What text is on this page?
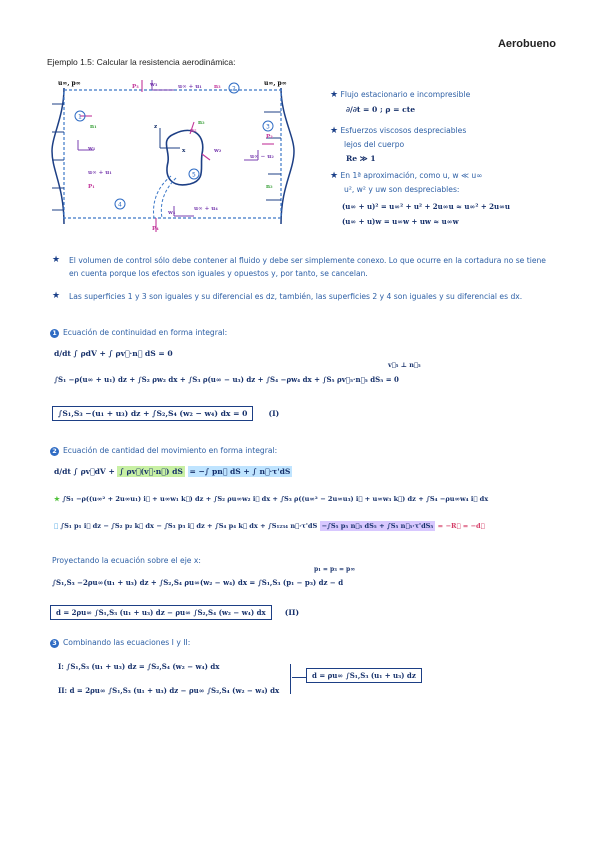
Aerobueno
Ejemplo 1.5: Calcular la resistencia aerodinámica:
u∞, p∞	u∞, p∞
P₃ w₃	u∞ + u₁ n₃
n₁
w₁
u∞ + u₁
P₁
n₂
P₂
u∞ − u₂
n₂
w₂
P₄
w₄
u∞ + u₄
z
x
n₅
1
2
3
4
5
★ Flujo estacionario e incompresible
∂/∂t = 0 ; ρ = cte
★ Esfuerzos viscosos despreciables
lejos del cuerpo
Re ≫ 1
★ En 1ª aproximación, como u, w ≪ u∞
u², w² y uw son despreciables:
(u∞ + u)² = u∞² + u² + 2u∞u ≈ u∞² + 2u∞u
(u∞ + u)w = u∞w + uw ≈ u∞w
★ El volumen de control sólo debe contener al fluido y debe ser simplemente conexo. Lo que ocurre en la cortadura no se tiene en cuenta porque los efectos son iguales y opuestos y, por tanto, se cancelan.
★ Las superficies 1 y 3 son iguales y su diferencial es dz, también, las superficies 2 y 4 son iguales y su diferencial es dx.
1 Ecuación de continuidad en forma integral:
d/dt ∫ ρdV + ∫ ρv⃗·n⃗ dS = 0
v⃗₅ ⊥ n⃗₅
∫S₁ −ρ(u∞ + u₁) dz + ∫S₂ ρw₂ dx + ∫S₃ ρ(u∞ − u₃) dz + ∫S₄ −ρw₄ dx + ∫S₅ ρv⃗₅·n⃗₅ dS₅ = 0
∫S₁,S₃ −(u₁ + u₃) dz + ∫S₂,S₄ (w₂ − w₄) dx = 0	(I)
2 Ecuación de cantidad del movimiento en forma integral:
d/dt ∫ ρv⃗dV + ∫ ρv⃗(v⃗·n⃗) dS = −∫ pn⃗ dS + ∫ n⃗·τ'dS
★ ∫S₁ −ρ((u∞² + 2u∞u₁) i⃗ + u∞w₁ k⃗) dz + ∫S₂ ρu∞w₂ i⃗ dx + ∫S₃ ρ((u∞² − 2u∞u₃) i⃗ + u∞w₃ k⃗) dz + ∫S₄ −ρu∞w₄ i⃗ dx
★ ∫S₁ p₁ i⃗ dz − ∫S₂ p₂ k⃗ dx − ∫S₃ p₃ i⃗ dz + ∫S₄ p₄ k⃗ dx + ∫S₁₂₃₄ n⃗·τ'dS −∫S₅ p₅ n⃗₅ dS₅ + ∫S₅ n⃗₅·τ'dS₅ = −R⃗ = −d⃗
Proyectando la ecuación sobre el eje x:
p₁ = p₃ = p∞
∫S₁,S₃ −2ρu∞(u₁ + u₃) dz + ∫S₂,S₄ ρu∞(w₂ − w₄) dx = ∫S₁,S₃ (p₁ − p₃) dz − d
d = 2ρu∞ ∫S₁,S₃ (u₁ + u₃) dz − ρu∞ ∫S₂,S₄ (w₂ − w₄) dx	(II)
3 Combinando las ecuaciones I y II:
I: ∫S₁,S₃ (u₁ + u₃) dz = ∫S₂,S₄ (w₂ − w₄) dx
II: d = 2ρu∞ ∫S₁,S₃ (u₁ + u₃) dz − ρu∞ ∫S₂,S₄ (w₂ − w₄) dx
d = ρu∞ ∫S₁,S₃ (u₁ + u₃) dz
